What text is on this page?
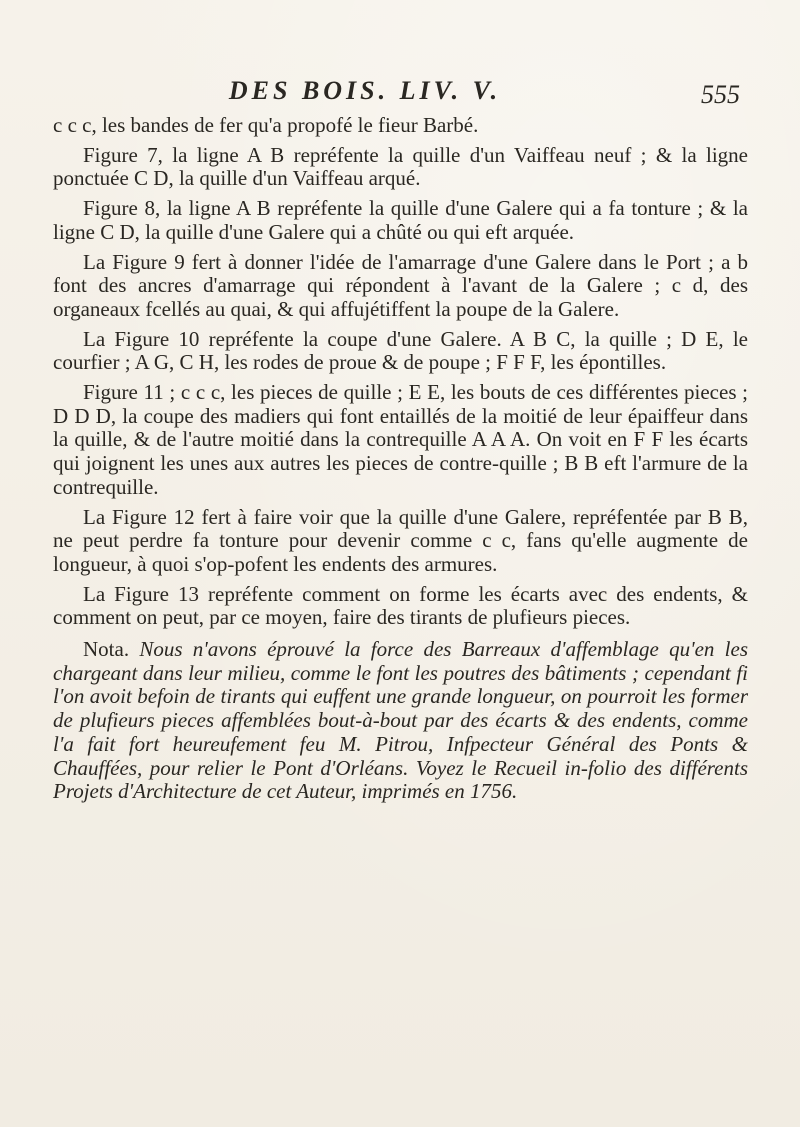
DES BOIS. LIV. V.	555

c c c, les bandes de fer qu'a propofé le fieur Barbé.

Figure 7, la ligne A B repréfente la quille d'un Vaiffeau neuf ; & la ligne ponctuée C D, la quille d'un Vaiffeau arqué.

Figure 8, la ligne A B repréfente la quille d'une Galere qui a fa tonture ; & la ligne C D, la quille d'une Galere qui a chûté ou qui eft arquée.

La Figure 9 fert à donner l'idée de l'amarrage d'une Galere dans le Port ; a b font des ancres d'amarrage qui répondent à l'avant de la Galere ; c d, des organeaux fcellés au quai, & qui affujétiffent la poupe de la Galere.

La Figure 10 repréfente la coupe d'une Galere. A B C, la quille ; D E, le courfier ; A G, C H, les rodes de proue & de poupe ; F F F, les épontilles.

Figure 11 ; c c c, les pieces de quille ; E E, les bouts de ces différentes pieces ; D D D, la coupe des madiers qui font entaillés de la moitié de leur épaiffeur dans la quille, & de l'autre moitié dans la contrequille A A A. On voit en F F les écarts qui joignent les unes aux autres les pieces de contre-quille ; B B eft l'armure de la contrequille.

La Figure 12 fert à faire voir que la quille d'une Galere, repréfentée par B B, ne peut perdre fa tonture pour devenir comme c c, fans qu'elle augmente de longueur, à quoi s'op-pofent les endents des armures.

La Figure 13 repréfente comment on forme les écarts avec des endents, & comment on peut, par ce moyen, faire des tirants de plufieurs pieces.

Nota. Nous n'avons éprouvé la force des Barreaux d'affemblage qu'en les chargeant dans leur milieu, comme le font les poutres des bâtiments ; cependant fi l'on avoit befoin de tirants qui euffent une grande longueur, on pourroit les former de plufieurs pieces affemblées bout-à-bout par des écarts & des endents, comme l'a fait fort heureufement feu M. Pitrou, Infpecteur Général des Ponts & Chauffées, pour relier le Pont d'Orléans. Voyez le Recueil in-folio des différents Projets d'Architecture de cet Auteur, imprimés en 1756.
